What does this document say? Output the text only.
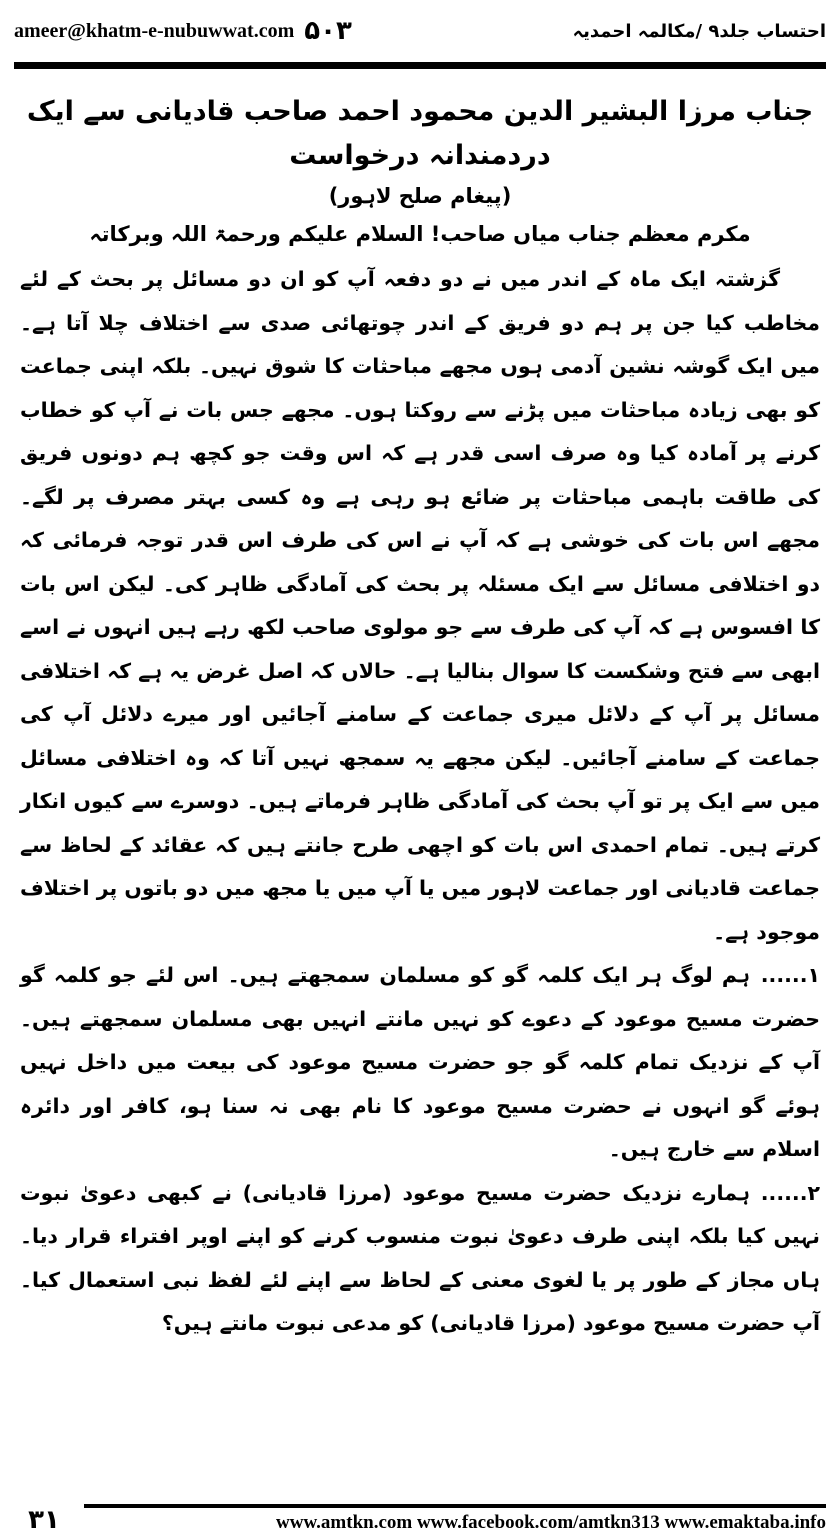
ameer@khatm-e-nubuwwat.com ۵۰۳	احتساب جلد۹ /مکالمہ احمدیہ
جناب مرزا البشیر الدین محمود احمد صاحب قادیانی سے ایک دردمندانہ درخواست
(پیغام صلح لاہور)
مکرم معظم جناب میاں صاحب! السلام علیکم ورحمۃ اللہ وبرکاتہ

گزشتہ ایک ماہ کے اندر میں نے دو دفعہ آپ کو ان دو مسائل پر بحث کے لئے مخاطب کیا جن پر ہم دو فریق کے اندر چوتھائی صدی سے اختلاف چلا آتا ہے۔ میں ایک گوشہ نشین آدمی ہوں مجھے مباحثات کا شوق نہیں۔ بلکہ اپنی جماعت کو بھی زیادہ مباحثات میں پڑنے سے روکتا ہوں۔ مجھے جس بات نے آپ کو خطاب کرنے پر آمادہ کیا وہ صرف اسی قدر ہے کہ اس وقت جو کچھ ہم دونوں فریق کی طاقت باہمی مباحثات پر ضائع ہو رہی ہے وہ کسی بہتر مصرف پر لگے۔ مجھے اس بات کی خوشی ہے کہ آپ نے اس کی طرف اس قدر توجہ فرمائی کہ دو اختلافی مسائل سے ایک مسئلہ پر بحث کی آمادگی ظاہر کی۔ لیکن اس بات کا افسوس ہے کہ آپ کی طرف سے جو مولوی صاحب لکھ رہے ہیں انہوں نے اسے ابھی سے فتح وشکست کا سوال بنالیا ہے۔ حالاں کہ اصل غرض یہ ہے کہ اختلافی مسائل پر آپ کے دلائل میری جماعت کے سامنے آجائیں اور میرے دلائل آپ کی جماعت کے سامنے آجائیں۔ لیکن مجھے یہ سمجھ نہیں آتا کہ وہ اختلافی مسائل میں سے ایک پر تو آپ بحث کی آمادگی ظاہر فرماتے ہیں۔ دوسرے سے کیوں انکار کرتے ہیں۔ تمام احمدی اس بات کو اچھی طرح جانتے ہیں کہ عقائد کے لحاظ سے جماعت قادیانی اور جماعت لاہور میں یا آپ میں یا مجھ میں دو باتوں پر اختلاف موجود ہے۔

۱......ہم لوگ ہر ایک کلمہ گو کو مسلمان سمجھتے ہیں۔ اس لئے جو کلمہ گو حضرت مسیح موعود کے دعوے کو نہیں مانتے انہیں بھی مسلمان سمجھتے ہیں۔ آپ کے نزدیک تمام کلمہ گو جو حضرت مسیح موعود کی بیعت میں داخل نہیں ہوئے گو انہوں نے حضرت مسیح موعود کا نام بھی نہ سنا ہو، کافر اور دائرہ اسلام سے خارج ہیں۔

۲......ہمارے نزدیک حضرت مسیح موعود (مرزا قادیانی) نے کبھی دعویٰ نبوت نہیں کیا بلکہ اپنی طرف دعویٰ نبوت منسوب کرنے کو اپنے اوپر افتراء قرار دیا۔ ہاں مجاز کے طور پر یا لغوی معنی کے لحاظ سے اپنے لئے لفظ نبی استعمال کیا۔ آپ حضرت مسیح موعود (مرزا قادیانی) کو مدعی نبوت مانتے ہیں؟

۳۱	www.amtkn.com www.facebook.com/amtkn313 www.emaktaba.info
